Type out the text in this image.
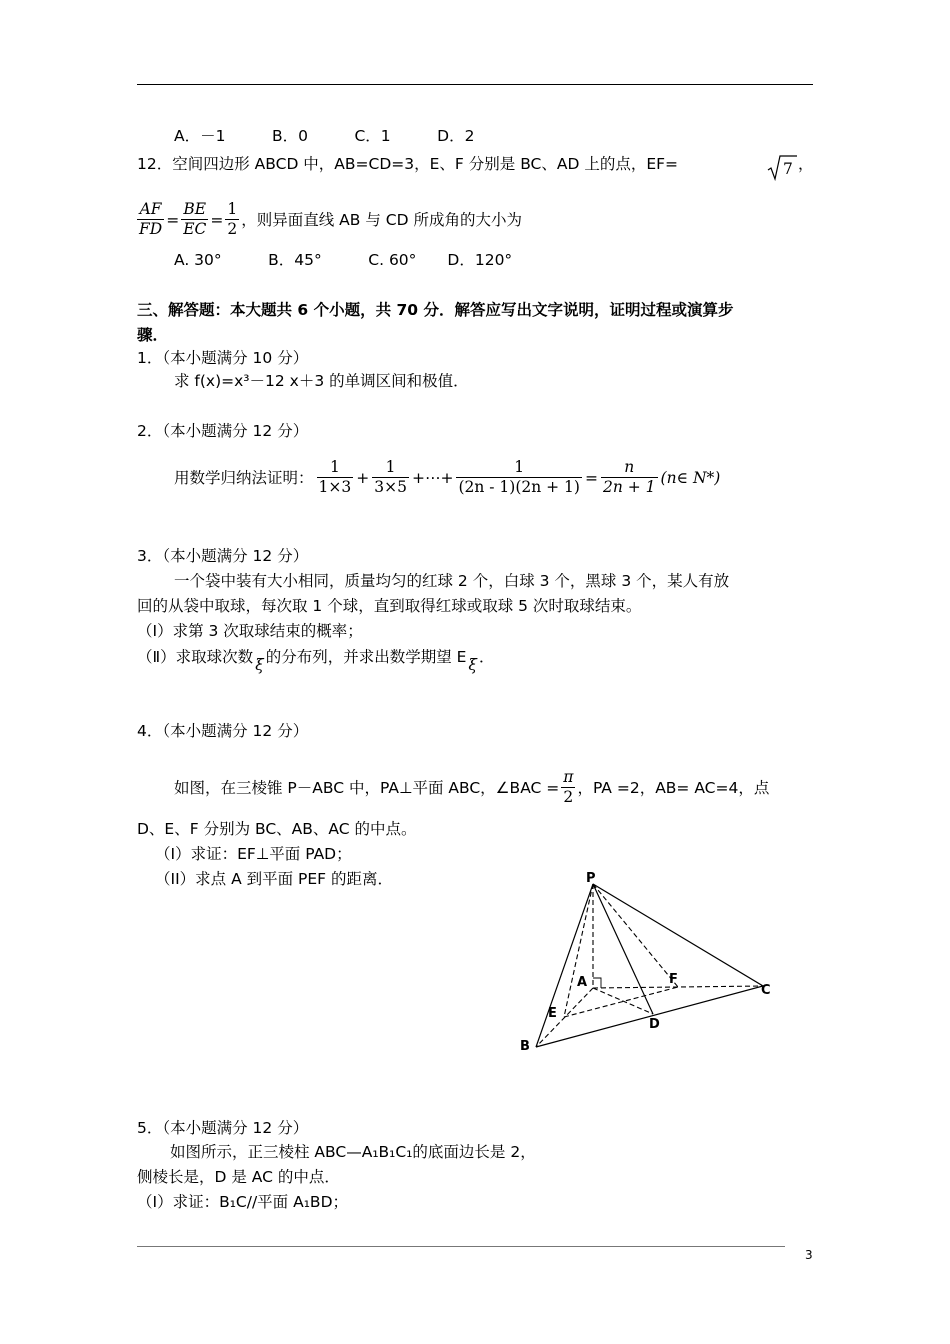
A．－1　　　B．0　　　C．1　　　D．2
12．空间四边形 ABCD 中，AB=CD=3，E、F 分别是 BC、AD 上的点，EF=	7 ，
$\frac{AF}{FD} = \frac{BE}{EC} = \frac{1}{2}$ ，则异面直线 AB 与 CD 所成角的大小为
A. 30°　　　B．45°　　　C. 60°　　D．120°
三、解答题：本大题共 6 个小题，共 70 分．解答应写出文字说明，证明过程或演算步
骤．
1．（本小题满分 10 分）
求 f(x)=x³－12 x＋3 的单调区间和极值．
2．（本小题满分 12 分）
用数学归纳法证明： $\frac{1}{1\times 3} + \frac{1}{3\times 5}$ +⋯+ $\frac{1}{(2n - 1)(2n + 1)} = \frac{n}{2n + 1}$ (n∈ N*)
3．（本小题满分 12 分）
一个袋中装有大小相同，质量均匀的红球 2 个，白球 3 个，黑球 3 个，某人有放
回的从袋中取球，每次取 1 个球，直到取得红球或取球 5 次时取球结束。
（Ⅰ）求第 3 次取球结束的概率；
（Ⅱ）求取球次数 ξ 的分布列，并求出数学期望 E ξ ．
4．（本小题满分 12 分）
如图，在三棱锥 P－ABC 中，PA⊥平面 ABC，∠BAC = $\frac{\pi}{2}$ ，PA =2，AB= AC=4，点
D、E、F 分别为 BC、AB、AC 的中点。
（I）求证：EF⊥平面 PAD；
（II）求点 A 到平面 PEF 的距离．	P
A	F
C
E
D
B
5．（本小题满分 12 分）
如图所示，正三棱柱 ABC—A₁B₁C₁的底面边长是 2，
侧棱长是，D 是 AC 的中点．
（Ⅰ）求证：B₁C//平面 A₁BD；
3
